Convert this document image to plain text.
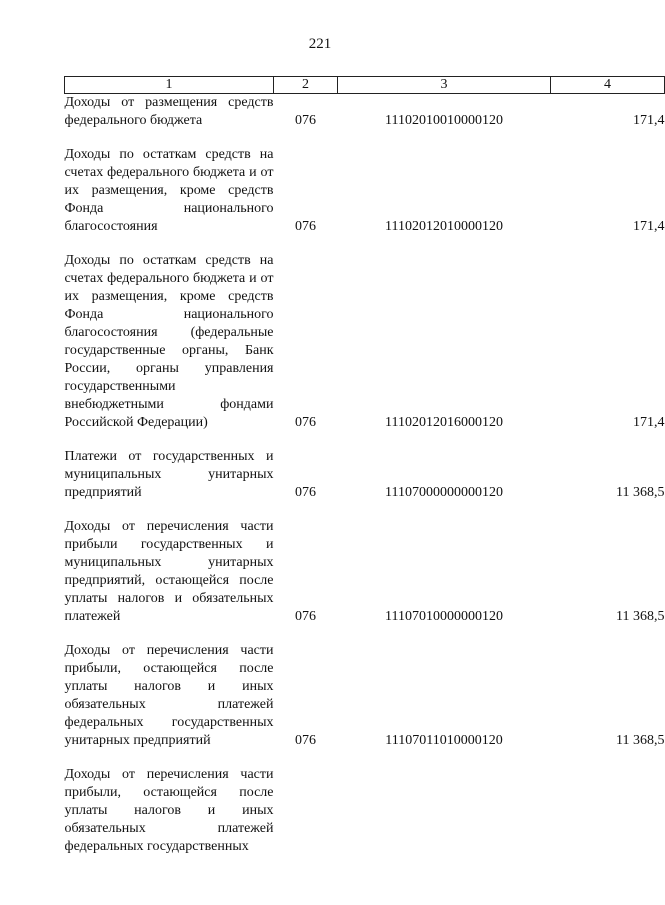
221
1	2	3	4
Доходы от размещения средств федерального бюджета	076	11102010010000120	171,4
Доходы по остаткам средств на счетах федерального бюджета и от их размещения, кроме средств Фонда национального благосостояния	076	11102012010000120	171,4
Доходы по остаткам средств на счетах федерального бюджета и от их размещения, кроме средств Фонда национального благосостояния (федеральные государственные органы, Банк России, органы управления государственными внебюджетными фондами Российской Федерации)	076	11102012016000120	171,4
Платежи от государственных и муниципальных унитарных предприятий	076	11107000000000120	11 368,5
Доходы от перечисления части прибыли государственных и муниципальных унитарных предприятий, остающейся после уплаты налогов и обязательных платежей	076	11107010000000120	11 368,5
Доходы от перечисления части прибыли, остающейся после уплаты налогов и иных обязательных платежей федеральных государственных унитарных предприятий	076	11107011010000120	11 368,5
Доходы от перечисления части прибыли, остающейся после уплаты налогов и иных обязательных платежей федеральных государственных			
